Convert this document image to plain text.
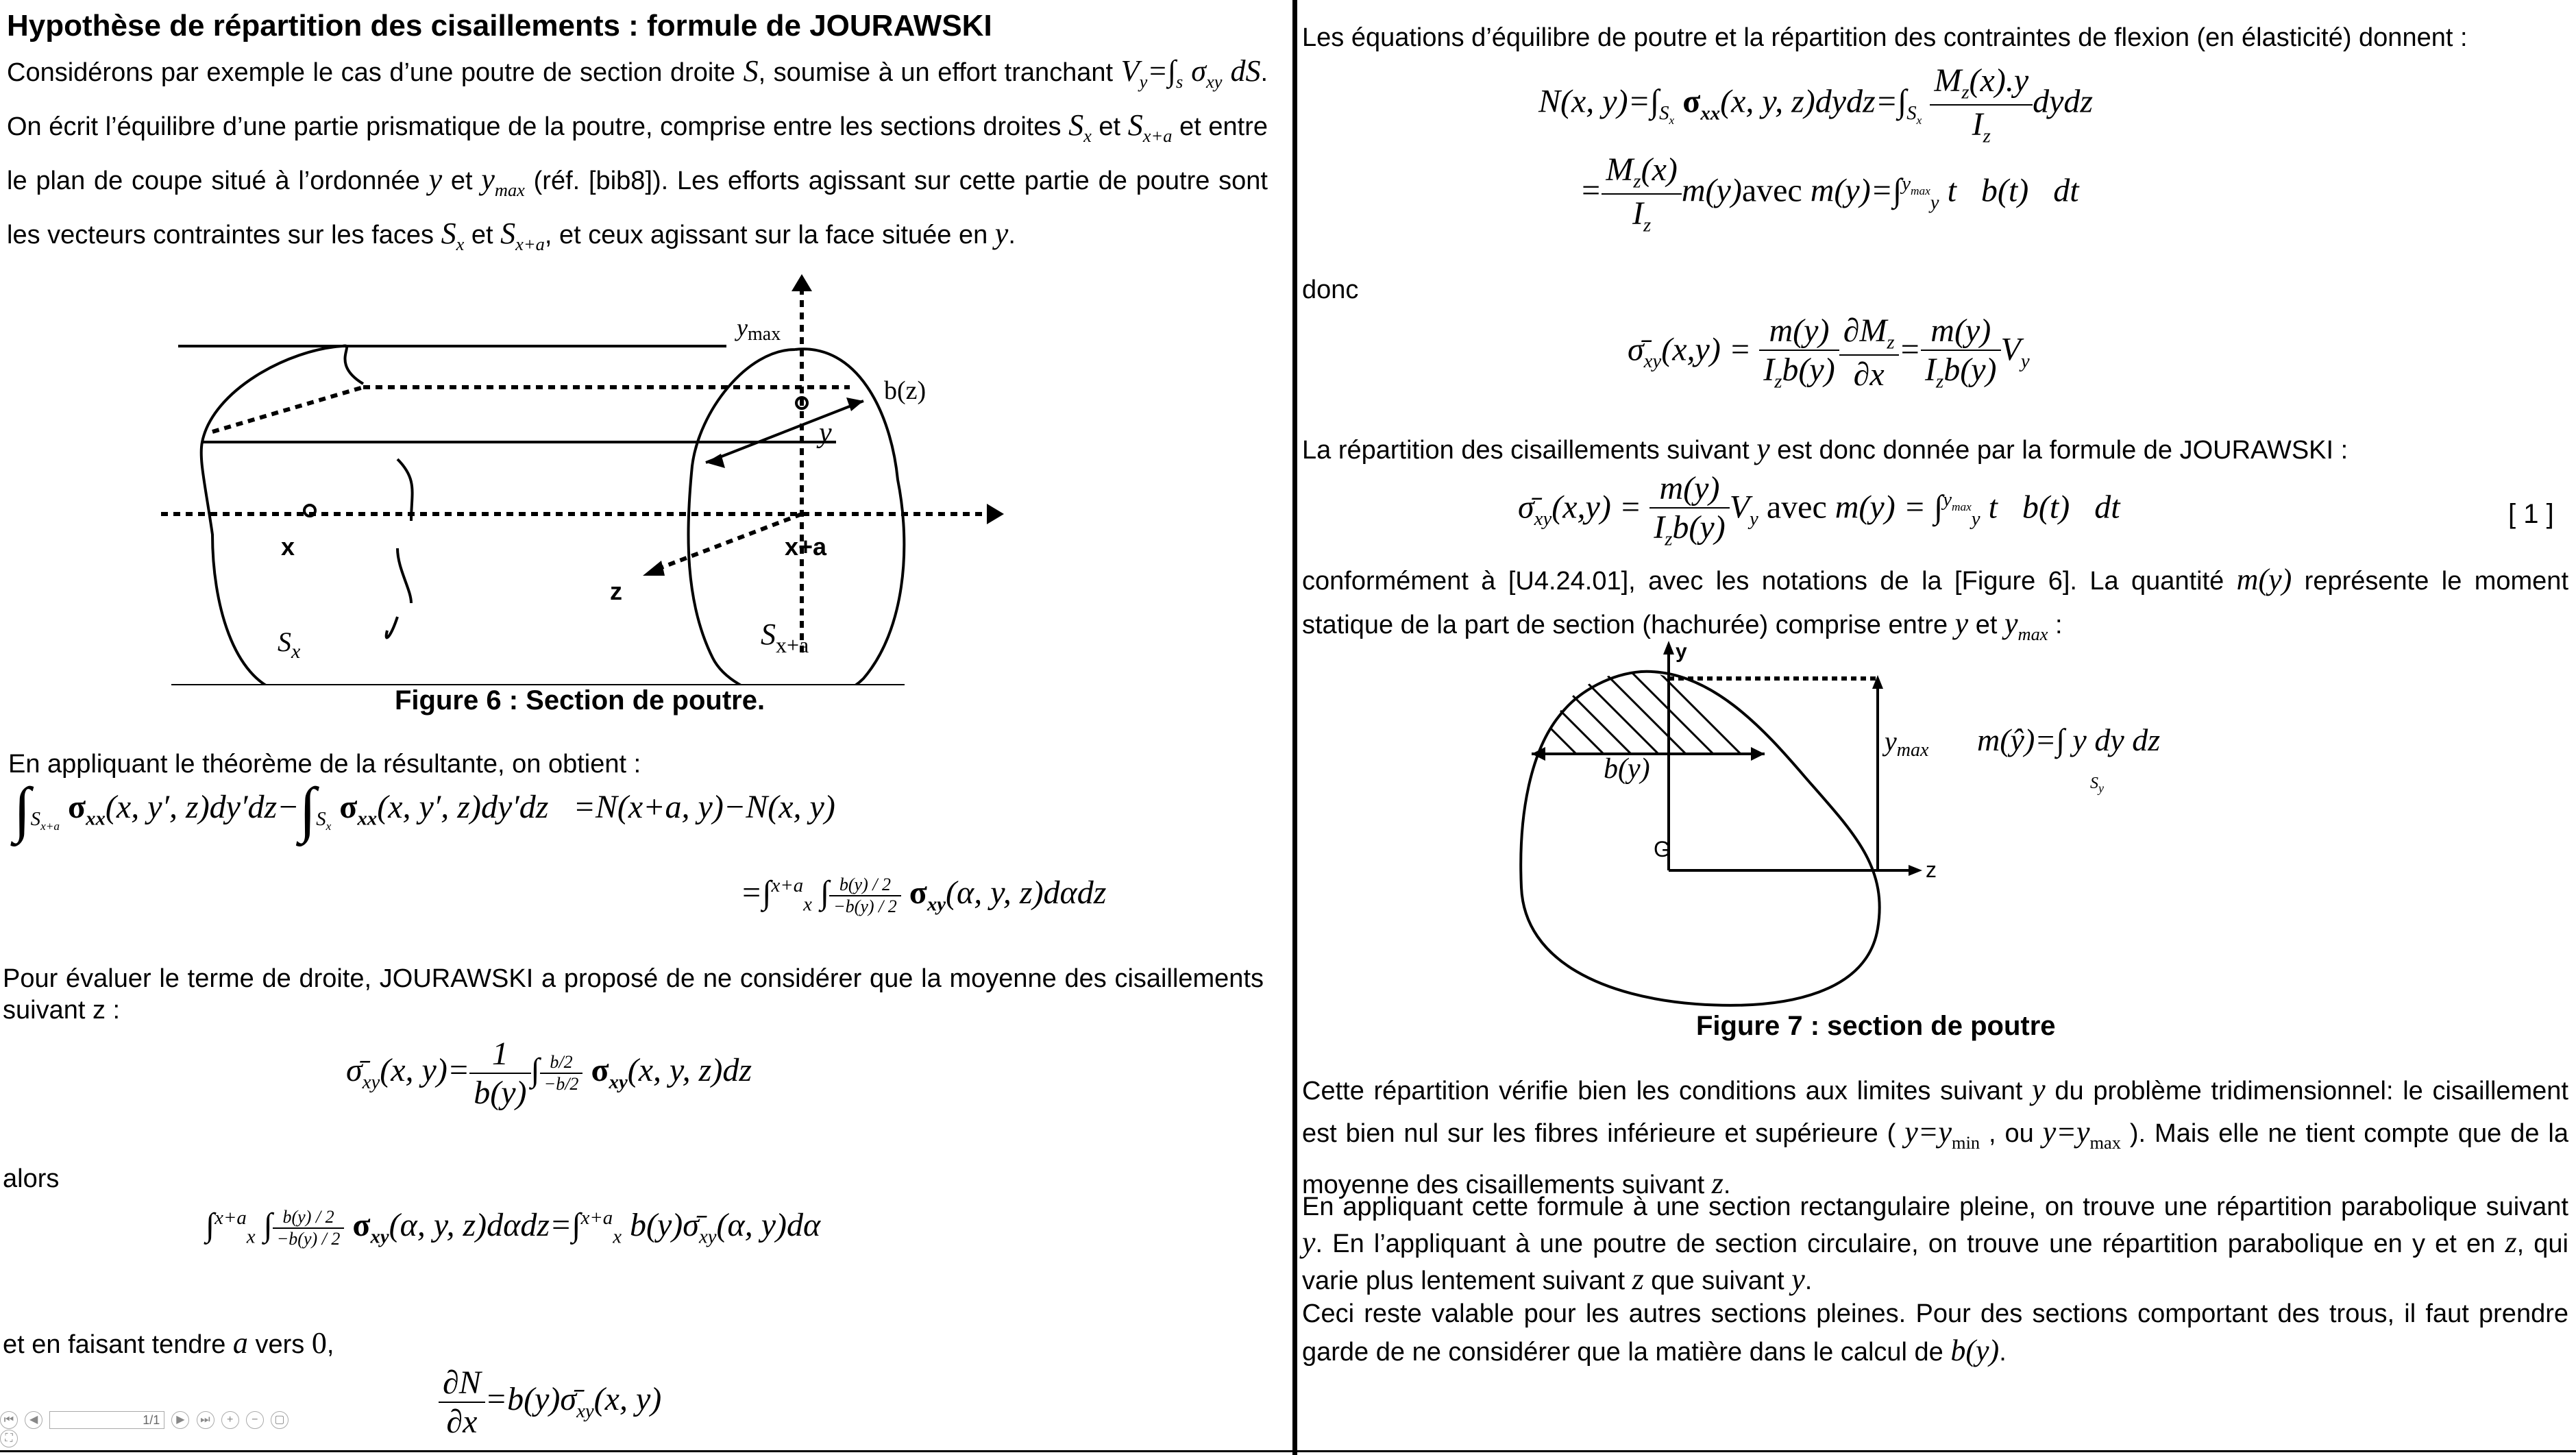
Hypothèse de répartition des cisaillements : formule de JOURAWSKI

Considérons par exemple le cas d’une poutre de section droite S, soumise à un effort tranchant $V_y=\int_s$ $\sigma_{xy}$ dS. On écrit l’équilibre d’une partie prismatique de la poutre, comprise entre les sections droites $S_x$ et $S_{x+a}$ et entre le plan de coupe situé à l’ordonnée y et $y_{max}$ (réf. [bib8]). Les efforts agissant sur cette partie de poutre sont les vecteurs contraintes sur les faces $S_x$ et $S_{x+a}$, et ceux agissant sur la face située en y.

ymax
b(z)
y
x	x+a
z
$S_x$
$S_{x+a}$
Figure 6 : Section de poutre.
En appliquant le théorème de la résultante, on obtient :
$\int_{S_{x+a}}$ $\sigma_{xx}(x$, y′, $z)dy'dz-\int_{S_x}$ $\sigma_{xx}(x$, y′, z)dy′dz   =N(x+a, y)−N(x, y)
=∫$^{x+a}_x$ ∫ $\frac{b(y) / 2}{-b(y) / 2} \sigma_{xy}(\alpha$, y, z)dαdz

Pour évaluer le terme de droite, JOURAWSKI a proposé de ne considérer que la moyenne des cisaillements suivant z :

$\sigmā_{xy}(x$, $y)= \frac{1}{b(y)}$ ∫ $\frac{b/2}{-b/2} \sigma_{xy}(x$, y, z)dz
alors
∫$^{x+a}_x$ ∫ $\frac{b(y) / 2}{-b(y) / 2} \sigma_{xy}(\alpha$, y, z)dαdz=∫$^{x+a}_x$ $b(y)\sigmā_{xy}(\alpha$, y)dα
et en faisant tendre a vers 0,
$\frac{\partial N}{\partial x}$ $=b(y)\sigmā_{xy}(x$, y)
⏮ ◀	1/1 ▶ ⏭ + − ▢ ⛶
Les équations d’équilibre de poutre et la répartition des contraintes de flexion (en élasticité) donnent :
N(x, $y)=\int_{S_x}$ $\sigma_{xx}(x$, y, $z)dydz=\int_{S_x} \frac{M_z(x).y}{I_z}$ dydz
= $\frac{M_z(x)}{I_z}$ m(y)avec m(y)=∫$^{y_{max}}_y$ t   b(t)   dt
donc
$\sigmā_{xy}(x,y) = \frac{m(y)}{I_zb(y)} \frac{\partial M_z}{\partial x} = \frac{m(y)}{I_zb(y)} V_y$
La répartition des cisaillements suivant y est donc donnée par la formule de JOURAWSKI :
$\sigmā_{xy}(x,y) = \frac{m(y)}{I_zb(y)} V_y$ avec m(y) = ∫$^{y_{max}}_y$ t   b(t)   dt	[ 1 ]

conformément à [U4.24.01], avec les notations de la [Figure 6]. La quantité m(y) représente le moment statique de la part de section (hachurée) comprise entre y et $y_{max}$ :

y
b(y)
G
z
$y_{max}$ m(ŷ)=∫ y dy dz
$S_y$
Figure 7 : section de poutre

Cette répartition vérifie bien les conditions aux limites suivant y du problème tridimensionnel: le cisaillement est bien nul sur les fibres inférieure et supérieure ( $y=y_{min}$ , ou $y=y_{max}$ ). Mais elle ne tient compte que de la moyenne des cisaillements suivant z.

En appliquant cette formule à une section rectangulaire pleine, on trouve une répartition parabolique suivant y. En l’appliquant à une poutre de section circulaire, on trouve une répartition parabolique en y et en z, qui varie plus lentement suivant z que suivant y.

Ceci reste valable pour les autres sections pleines. Pour des sections comportant des trous, il faut prendre garde de ne considérer que la matière dans le calcul de b(y).
